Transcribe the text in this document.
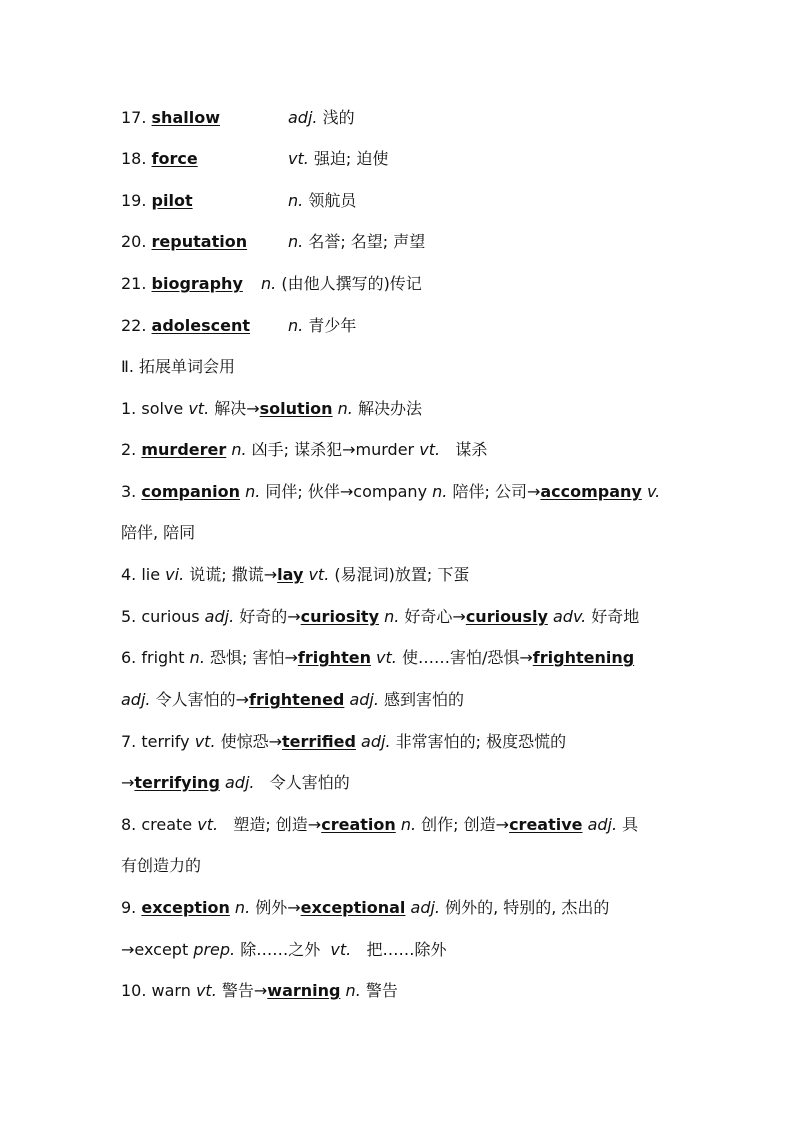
17. shallow	adj. 浅的
18. force	vt. 强迫; 迫使
19. pilot	n. 领航员
20. reputation	n. 名誉; 名望; 声望
21. biography n. (由他人撰写的)传记
22. adolescent n. 青少年
Ⅱ. 拓展单词会用
1. solve vt. 解决→solution n. 解决办法
2. murderer n. 凶手; 谋杀犯→murder vt.   谋杀
3. companion n. 同伴; 伙伴→company n. 陪伴; 公司→accompany v.
陪伴, 陪同
4. lie vi. 说谎; 撒谎→lay vt. (易混词)放置; 下蛋
5. curious adj. 好奇的→curiosity n. 好奇心→curiously adv. 好奇地
6. fright n. 恐惧; 害怕→frighten vt. 使……害怕/恐惧→frightening
adj. 令人害怕的→frightened adj. 感到害怕的
7. terrify vt. 使惊恐→terrified adj. 非常害怕的; 极度恐慌的
→terrifying adj.   令人害怕的
8. create vt.   塑造; 创造→creation n. 创作; 创造→creative adj. 具
有创造力的
9. exception n. 例外→exceptional adj. 例外的, 特别的, 杰出的
→except prep. 除……之外  vt.   把……除外
10. warn vt. 警告→warning n. 警告
